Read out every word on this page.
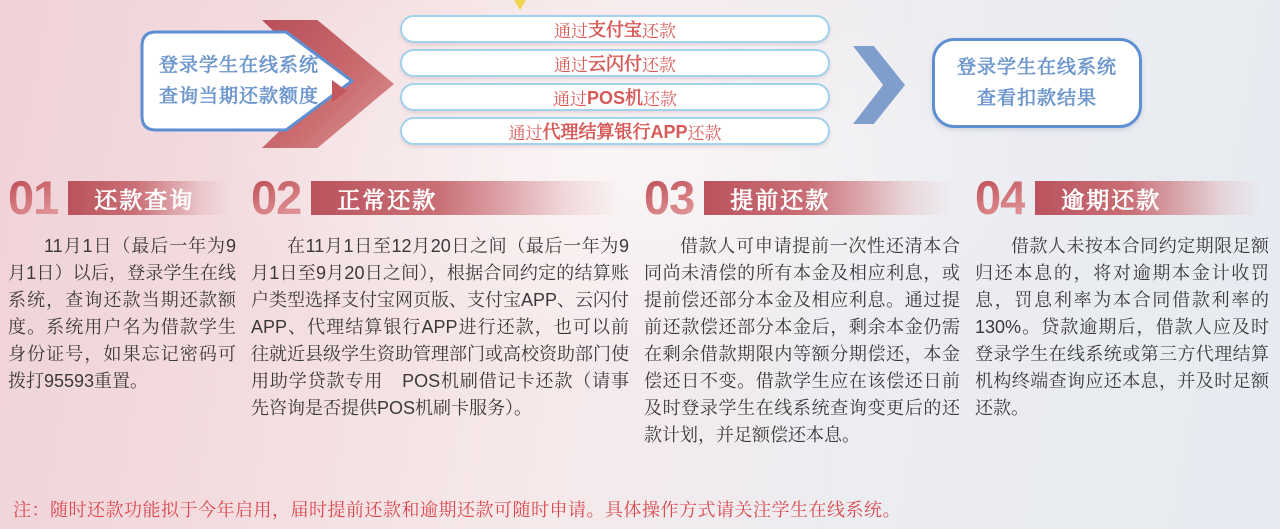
登录学生在线系统
查询当期还款额度
通过 支付宝 还款
通过 云闪付 还款
通过 POS机 还款
通过 代理结算银行APP 还款
登录学生在线系统
查看扣款结果
01	还款查询
11月1日（最后一年为9月1日）以后，登录学生在线系统，查询还款当期还款额度。系统用户名为借款学生身份证号，如果忘记密码可拨打95593重置。
02	正常还款
在11月1日至12月20日之间（最后一年为9月1日至9月20日之间），根据合同约定的结算账户类型选择支付宝网页版、支付宝APP、云闪付APP、代理结算银行APP进行还款，也可以前往就近县级学生资助管理部门或高校资助部门使用助学贷款专用　POS机刷借记卡还款（请事先咨询是否提供POS机刷卡服务）。
03	提前还款
借款人可申请提前一次性还清本合同尚未清偿的所有本金及相应利息，或提前偿还部分本金及相应利息。通过提前还款偿还部分本金后，剩余本金仍需在剩余借款期限内等额分期偿还，本金偿还日不变。借款学生应在该偿还日前及时登录学生在线系统查询变更后的还款计划，并足额偿还本息。
04	逾期还款
借款人未按本合同约定期限足额归还本息的，将对逾期本金计收罚息，罚息利率为本合同借款利率的130%。贷款逾期后，借款人应及时登录学生在线系统或第三方代理结算机构终端查询应还本息，并及时足额还款。
注：随时还款功能拟于今年启用，届时提前还款和逾期还款可随时申请。具体操作方式请关注学生在线系统。
